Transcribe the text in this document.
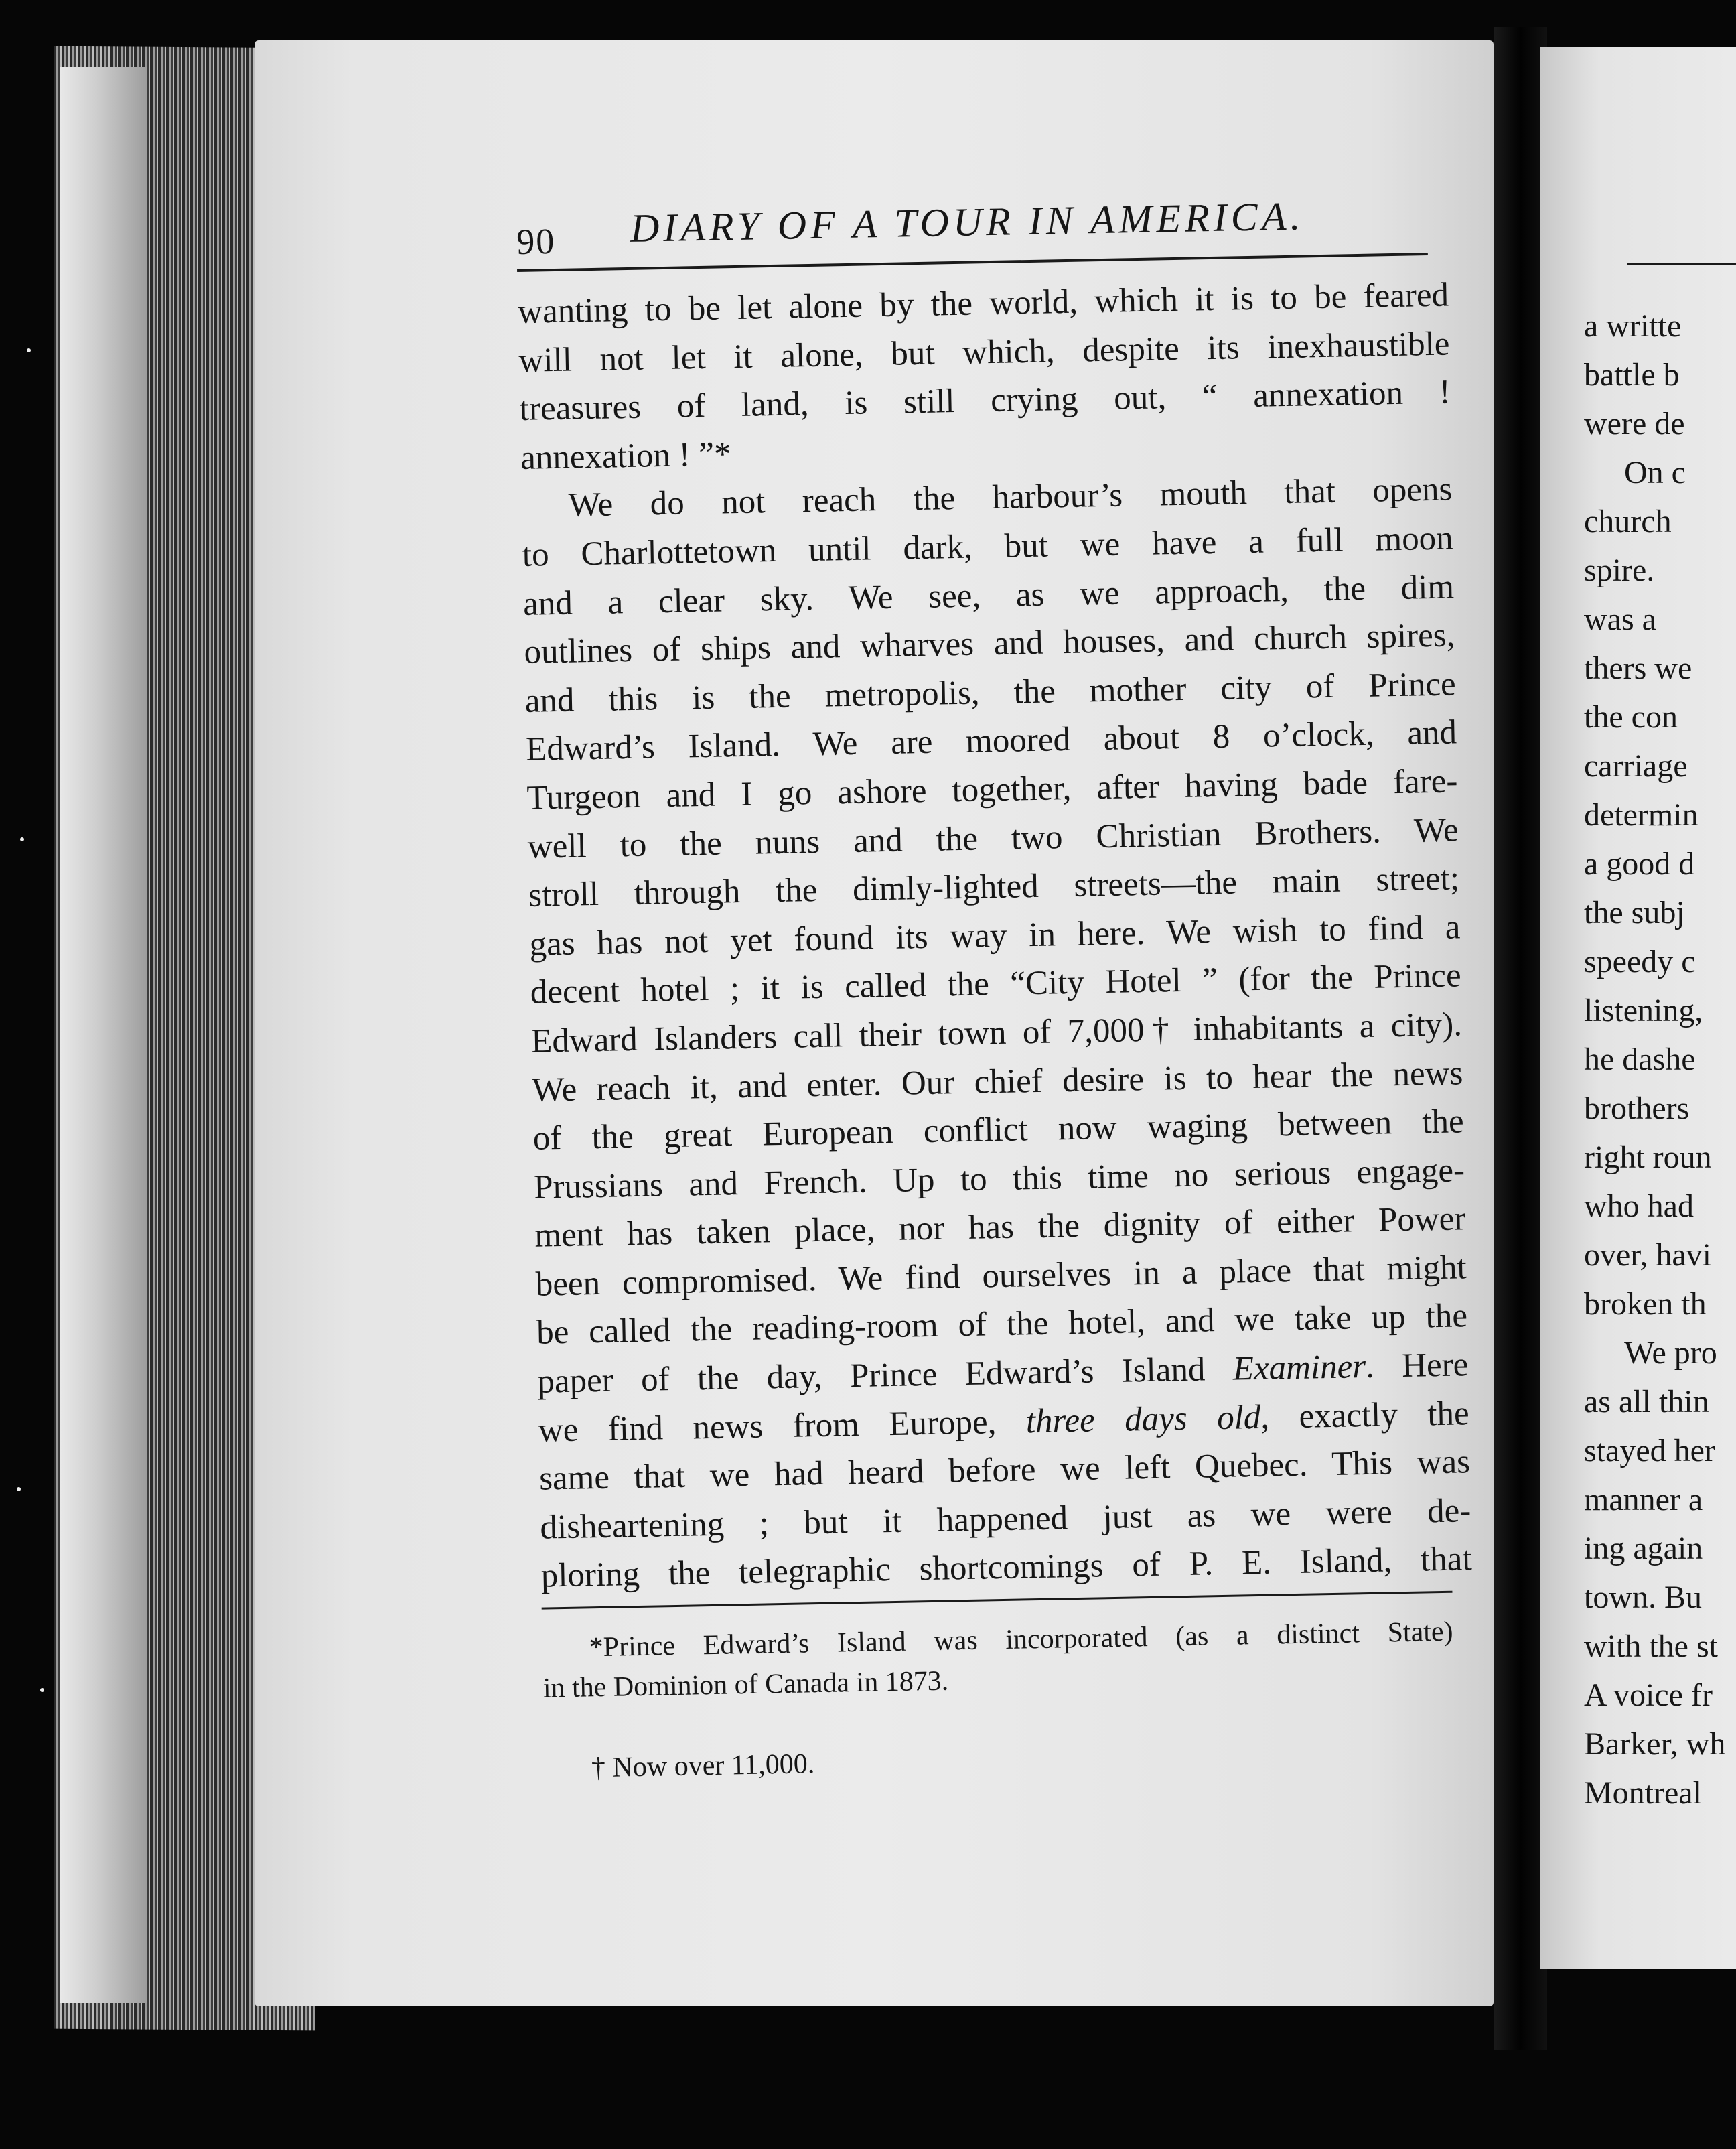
90 DIARY OF A TOUR IN AMERICA.
wanting to be let alone by the world, which it is to be feared
will not let it alone, but which, despite its inexhaustible
treasures of land, is still crying out, “ annexation !
annexation ! ”*
We do not reach the harbour’s mouth that opens
to Charlottetown until dark, but we have a full moon
and a clear sky. We see, as we approach, the dim
outlines of ships and wharves and houses, and church spires,
and this is the metropolis, the mother city of Prince
Edward’s Island. We are moored about 8 o’clock, and
Turgeon and I go ashore together, after having bade fare-
well to the nuns and the two Christian Brothers. We
stroll through the dimly-lighted streets—the main street;
gas has not yet found its way in here. We wish to find a
decent hotel ; it is called the “City Hotel ” (for the Prince
Edward Islanders call their town of 7,000† inhabitants a city).
We reach it, and enter. Our chief desire is to hear the news
of the great European conflict now waging between the
Prussians and French. Up to this time no serious engage-
ment has taken place, nor has the dignity of either Power
been compromised. We find ourselves in a place that might
be called the reading-room of the hotel, and we take up the
paper of the day, Prince Edward’s Island Examiner. Here
we find news from Europe, three days old, exactly the
same that we had heard before we left Quebec. This was
disheartening ; but it happened just as we were de-
ploring the telegraphic shortcomings of P. E. Island, that
*Prince Edward’s Island was incorporated (as a distinct State)
in the Dominion of Canada in 1873.
† Now over 11,000.
a writte
battle b
were de
On c
church
spire.
was a
thers we
the con
carriage
determin
a good d
the subj
speedy c
listening,
he dashe
brothers
right roun
who had
over, havi
broken th
We pro
as all thin
stayed her
manner a
ing again
town. Bu
with the st
A voice fr
Barker, wh
Montreal
